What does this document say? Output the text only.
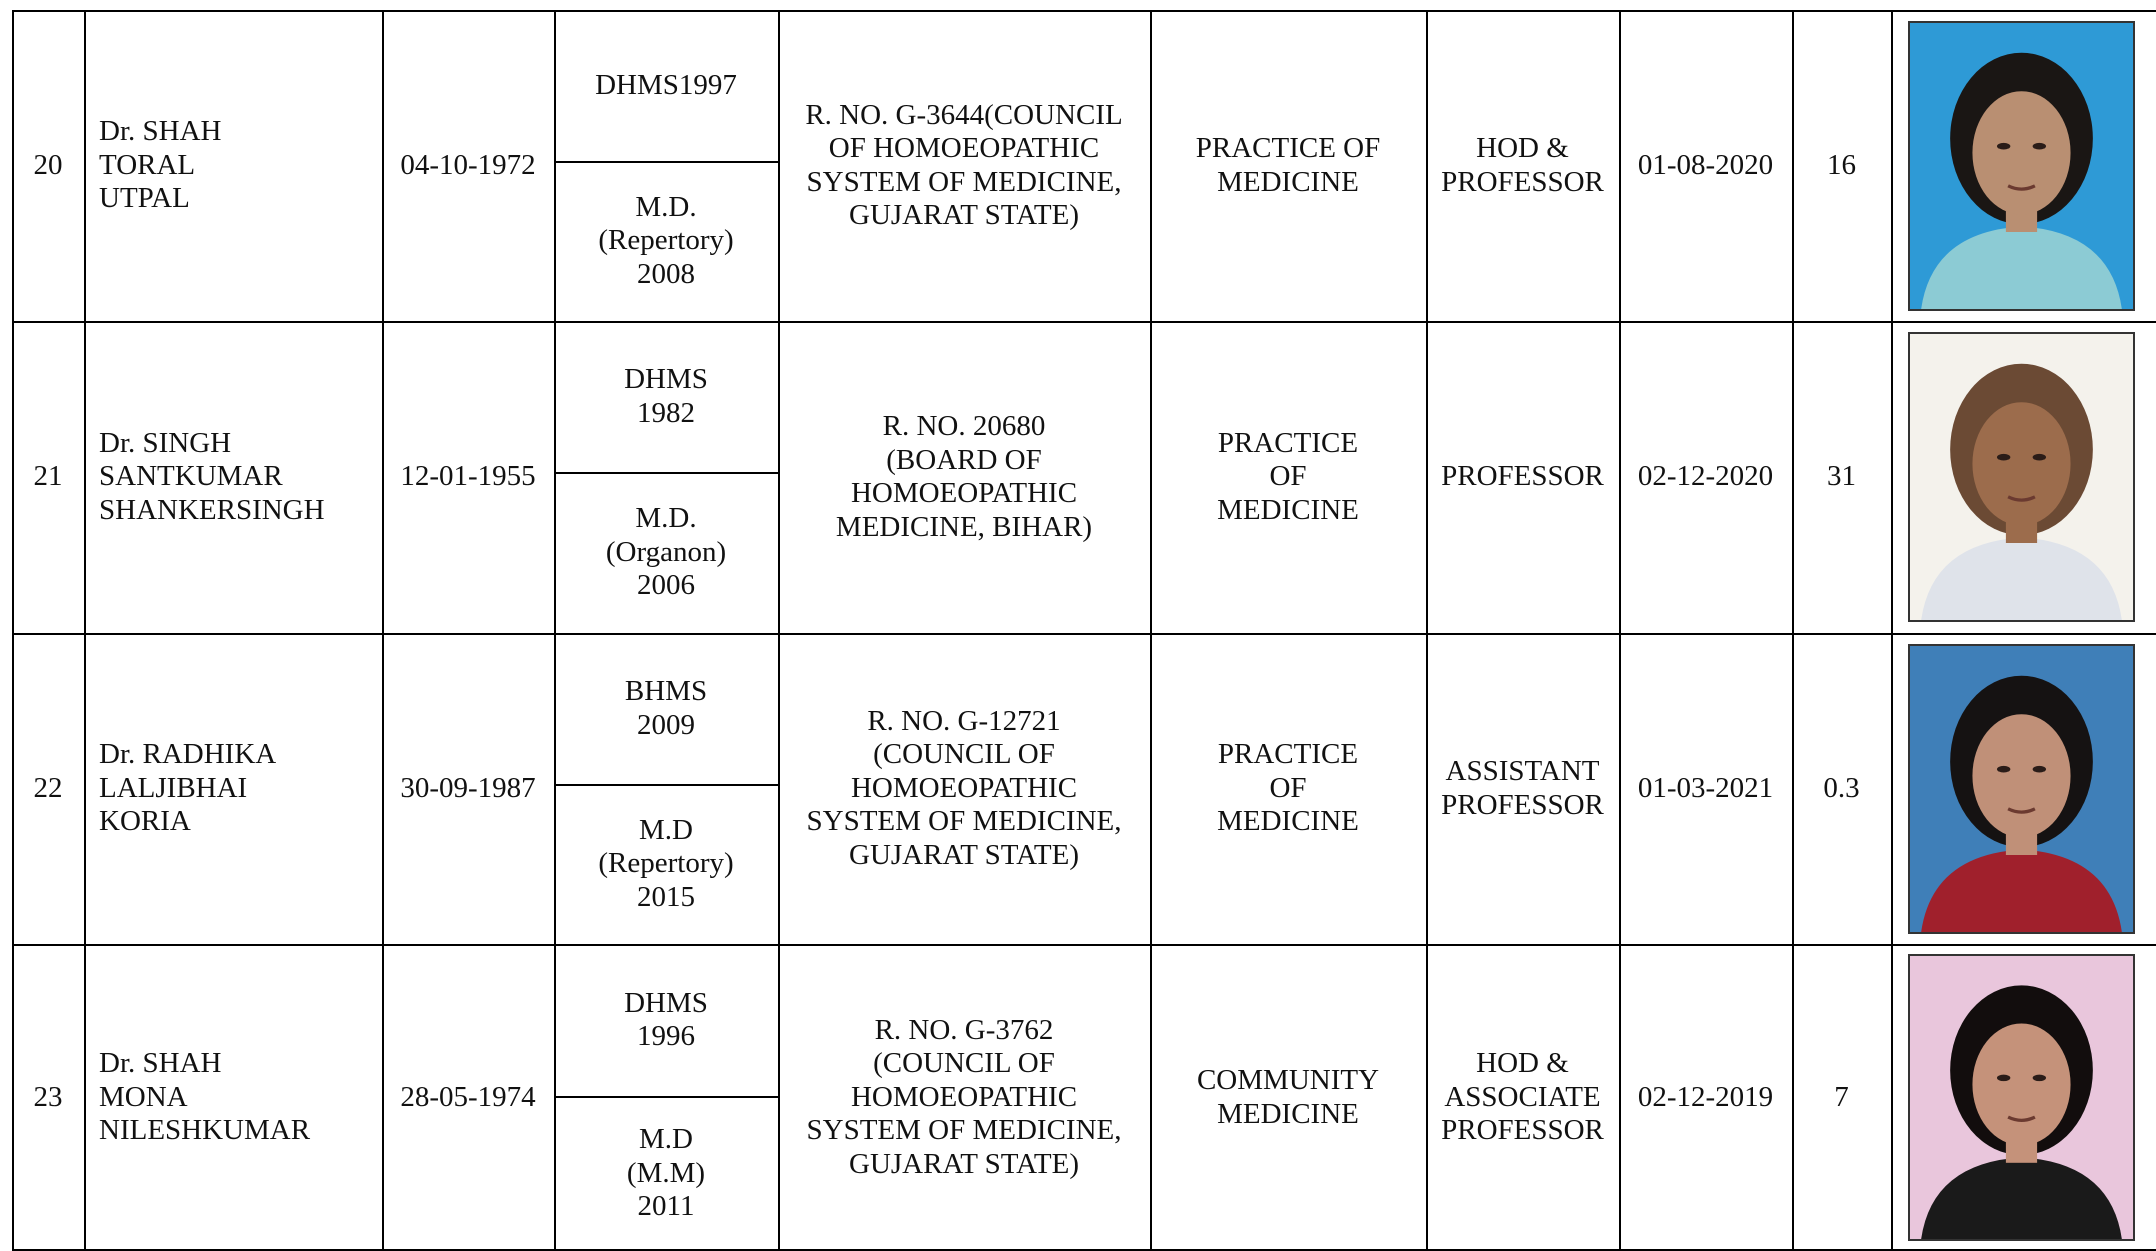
20
Dr. SHAH
TORAL
UTPAL
04-10-1972
R. NO. G-3644(COUNCIL
OF HOMOEOPATHIC
SYSTEM OF MEDICINE,
GUJARAT STATE)
PRACTICE OF
MEDICINE
HOD &
PROFESSOR
01-08-2020 16
DHMS1997
M.D.
(Repertory)
2008
21
Dr. SINGH
SANTKUMAR
SHANKERSINGH
12-01-1955
R. NO. 20680
(BOARD OF
HOMOEOPATHIC
MEDICINE, BIHAR)
PRACTICE
OF
MEDICINE
PROFESSOR 02-12-2020 31
DHMS
1982
M.D.
(Organon)
2006
22
Dr. RADHIKA
LALJIBHAI
KORIA
30-09-1987
R. NO. G-12721
(COUNCIL OF
HOMOEOPATHIC
SYSTEM OF MEDICINE,
GUJARAT STATE)
PRACTICE
OF
MEDICINE
ASSISTANT
PROFESSOR
01-03-2021 0.3
BHMS
2009
M.D
(Repertory)
2015
23
Dr. SHAH
MONA
NILESHKUMAR
28-05-1974
R. NO. G-3762
(COUNCIL OF
HOMOEOPATHIC
SYSTEM OF MEDICINE,
GUJARAT STATE)
COMMUNITY
MEDICINE
HOD &
ASSOCIATE
PROFESSOR
02-12-2019 7
DHMS
1996
M.D
(M.M)
2011
